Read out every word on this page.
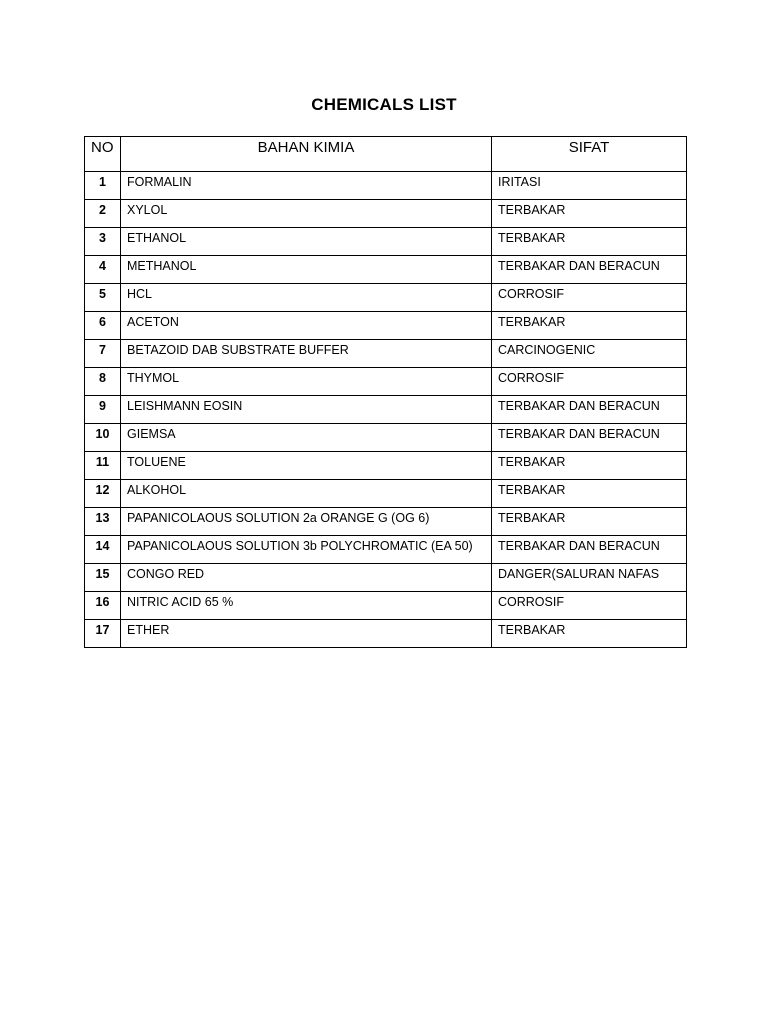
CHEMICALS LIST
NO	BAHAN KIMIA	SIFAT
1	FORMALIN	IRITASI
2	XYLOL	TERBAKAR
3	ETHANOL	TERBAKAR
4	METHANOL	TERBAKAR DAN BERACUN
5	HCL	CORROSIF
6	ACETON	TERBAKAR
7	BETAZOID DAB SUBSTRATE BUFFER	CARCINOGENIC
8	THYMOL	CORROSIF
9	LEISHMANN EOSIN	TERBAKAR DAN BERACUN
10	GIEMSA	TERBAKAR DAN BERACUN
11	TOLUENE	TERBAKAR
12	ALKOHOL	TERBAKAR
13	PAPANICOLAOUS SOLUTION 2a ORANGE G (OG 6)	TERBAKAR
14	PAPANICOLAOUS SOLUTION 3b POLYCHROMATIC (EA 50)	TERBAKAR DAN BERACUN
15	CONGO RED	DANGER(SALURAN NAFAS
16	NITRIC ACID 65 %	CORROSIF
17	ETHER	TERBAKAR
